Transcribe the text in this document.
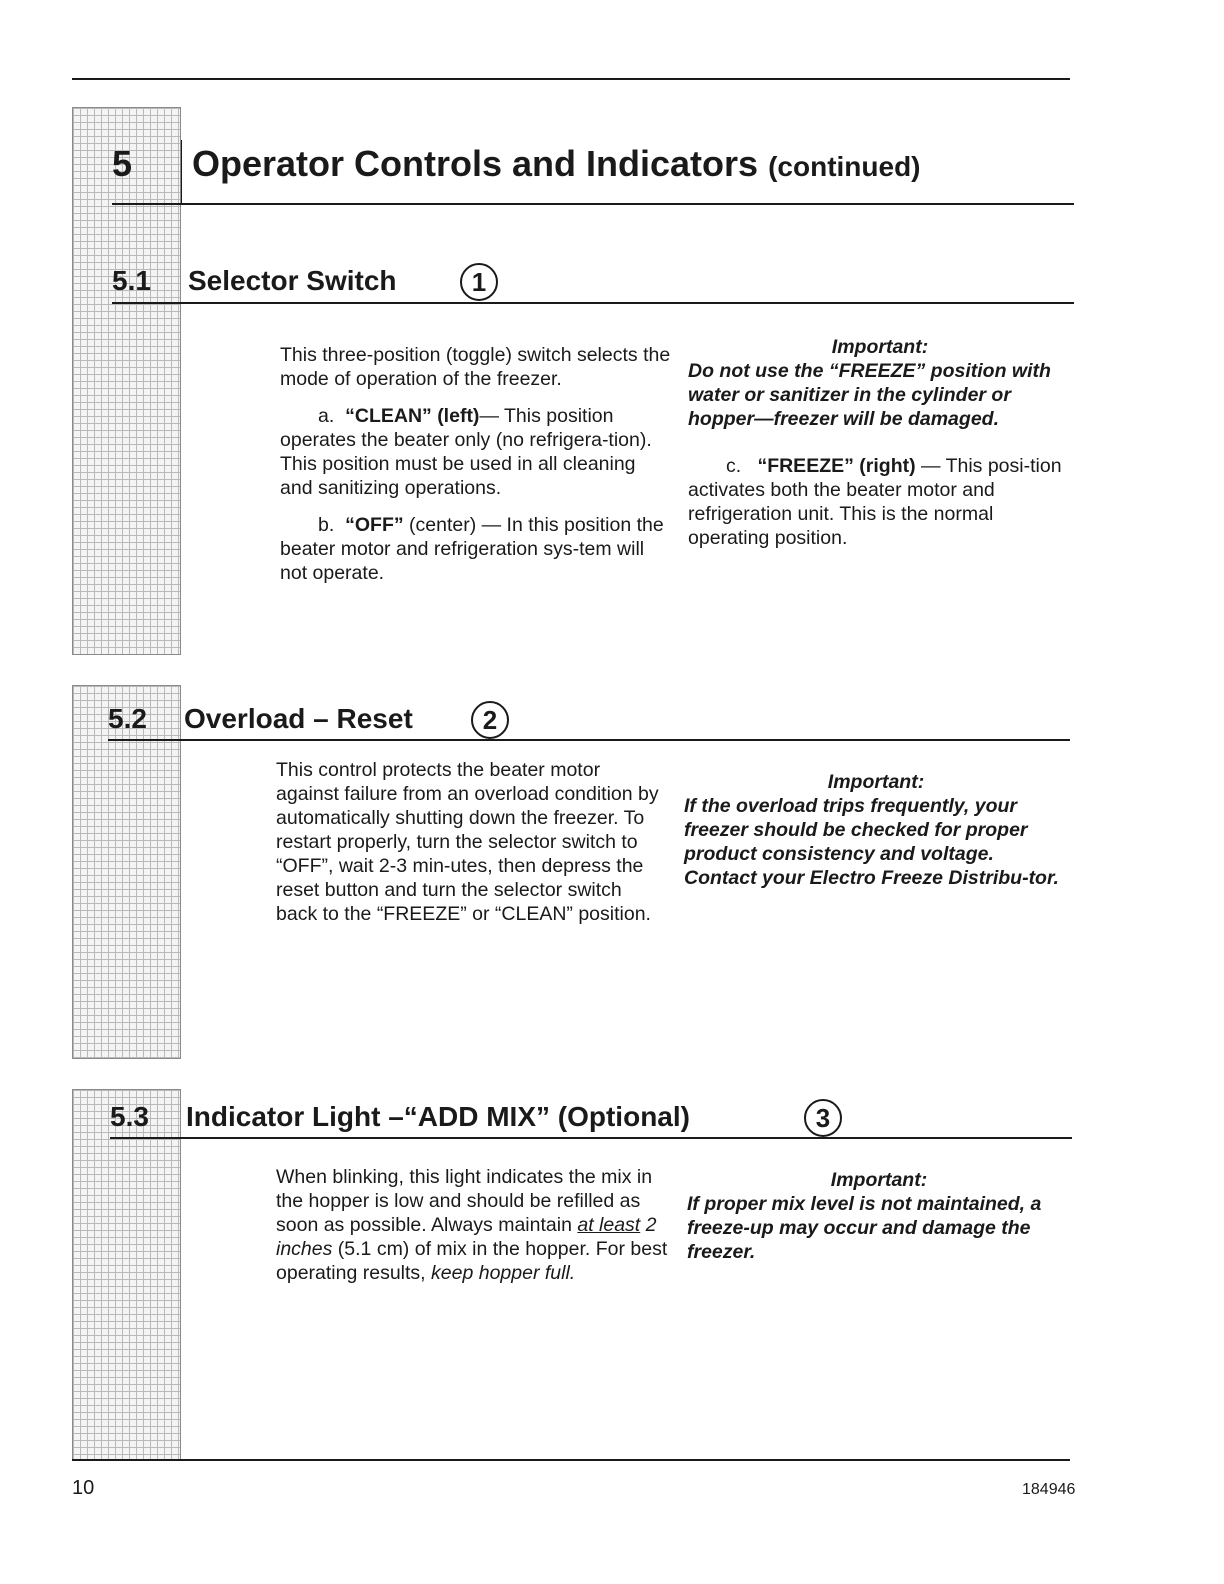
5 Operator Controls and Indicators (continued)
5.1 Selector Switch	1

This three-position (toggle) switch selects the mode of operation of the freezer.

a. “CLEAN” (left)— This position operates the beater only (no refrigera-tion). This position must be used in all cleaning and sanitizing operations.

b. “OFF” (center) — In this position the beater motor and refrigeration sys-tem will not operate.

Important:
Do not use the “FREEZE” position with water or sanitizer in the cylinder or hopper—freezer will be damaged.

c. “FREEZE” (right) — This posi-tion activates both the beater motor and refrigeration unit. This is the normal operating position.

5.2 Overload – Reset	2
This control protects the beater motor against failure from an overload condition by automatically shutting down the freezer. To restart properly, turn the selector switch to “OFF”, wait 2-3 min-utes, then depress the reset button and turn the selector switch back to the “FREEZE” or “CLEAN” position.
Important:
If the overload trips frequently, your freezer should be checked for proper product consistency and voltage. Contact your Electro Freeze Distribu-tor.
5.3 Indicator Light –“ADD MIX” (Optional)	3
When blinking, this light indicates the mix in the hopper is low and should be refilled as soon as possible. Always maintain at least 2 inches (5.1 cm) of mix in the hopper. For best operating results, keep hopper full.
Important:
If proper mix level is not maintained, a freeze-up may occur and damage the freezer.
10	184946
